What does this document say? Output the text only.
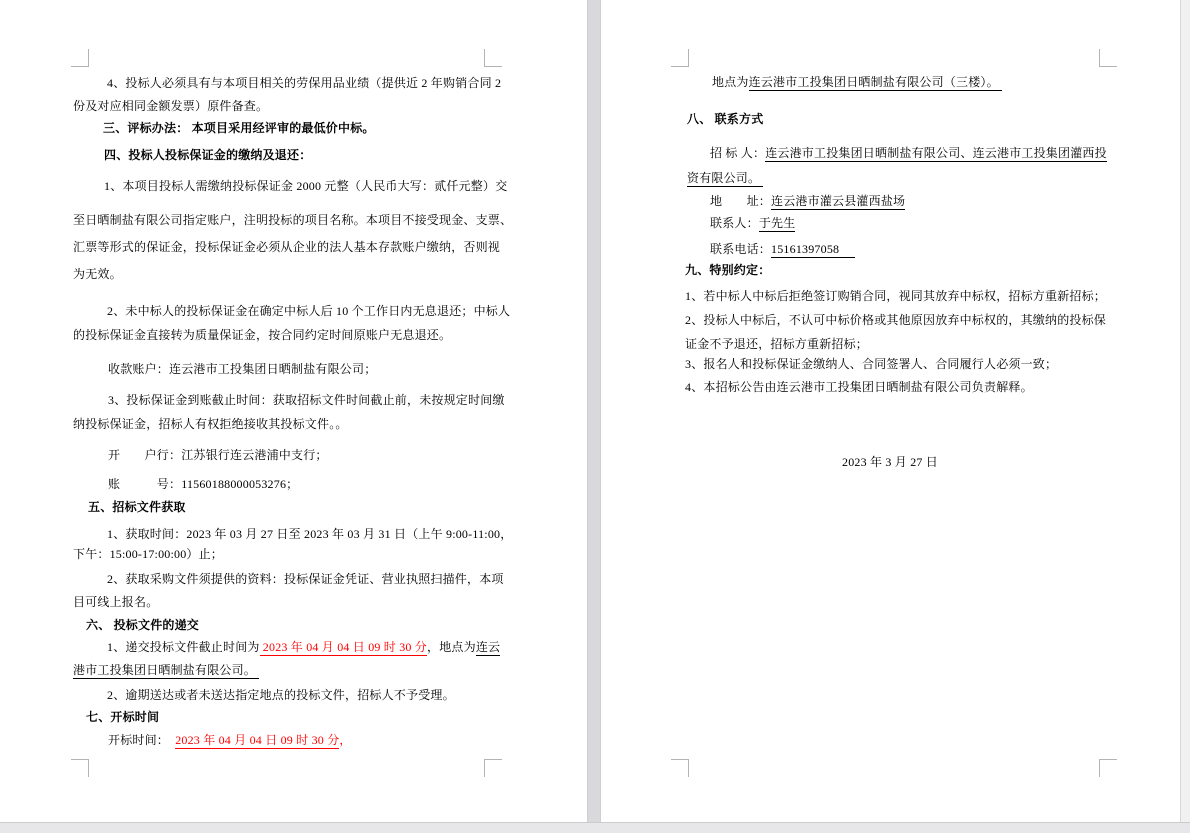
4、投标人必须具有与本项目相关的劳保用品业绩（提供近 2 年购销合同 2
份及对应相同金额发票）原件备查。
三、评标办法： 本项目采用经评审的最低价中标。
四、投标人投标保证金的缴纳及退还：
1、本项目投标人需缴纳投标保证金 2000 元整（人民币大写：贰仟元整）交
至日晒制盐有限公司指定账户，注明投标的项目名称。本项目不接受现金、支票、
汇票等形式的保证金，投标保证金必须从企业的法人基本存款账户缴纳，否则视
为无效。
2、未中标人的投标保证金在确定中标人后 10 个工作日内无息退还；中标人
的投标保证金直接转为质量保证金，按合同约定时间原账户无息退还。
收款账户：连云港市工投集团日晒制盐有限公司；
3、投标保证金到账截止时间：获取招标文件时间截止前，未按规定时间缴
纳投标保证金，招标人有权拒绝接收其投标文件。。
开　　户行：江苏银行连云港浦中支行；
账　　　号：11560188000053276；
五、招标文件获取
1、获取时间：2023 年 03 月 27 日至 2023 年 03 月 31 日（上午 9:00-11:00，
下午：15:00-17:00:00）止；
2、获取采购文件须提供的资料：投标保证金凭证、营业执照扫描件，本项
目可线上报名。
六、 投标文件的递交
1、递交投标文件截止时间为 2023 年 04 月 04 日 09 时 30 分，地点为连云
港市工投集团日晒制盐有限公司。
2、逾期送达或者未送达指定地点的投标文件，招标人不予受理。
七、开标时间
开标时间：　2023 年 04 月 04 日 09 时 30 分，
地点为连云港市工投集团日晒制盐有限公司（三楼）。
八、 联系方式
招 标 人：连云港市工投集团日晒制盐有限公司、连云港市工投集团灌西投
资有限公司。
地　　址：连云港市灌云县灌西盐场
联系人：于先生
联系电话：15161397058　
九、特别约定：
1、若中标人中标后拒绝签订购销合同，视同其放弃中标权，招标方重新招标；
2、投标人中标后，不认可中标价格或其他原因放弃中标权的，其缴纳的投标保
证金不予退还，招标方重新招标；
3、报名人和投标保证金缴纳人、合同签署人、合同履行人必须一致；
4、本招标公告由连云港市工投集团日晒制盐有限公司负责解释。
2023 年 3 月 27 日
